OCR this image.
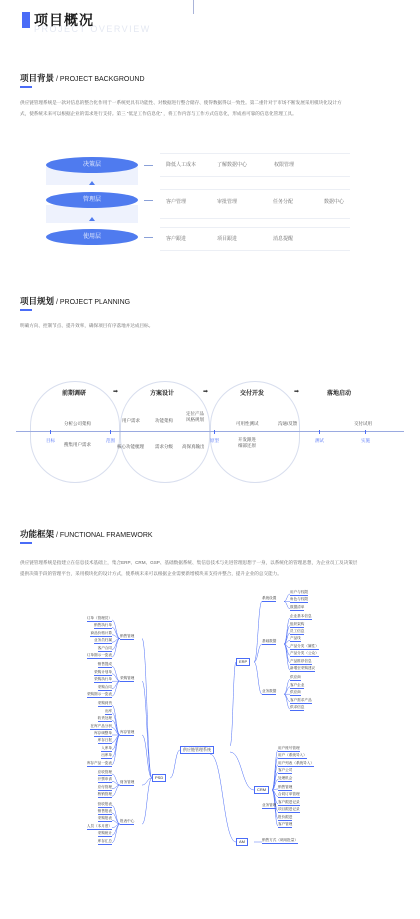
PROJECT OVERVIEW
项目概况
项目背景 / PROJECT BACKGROUND
供应链管理系统是一款对信息的整合化作用于一系统更具有功能性、对数据进行整合储存、使得数据得以一致性。第二重针对于市场不断发展采用模块化设计方式，使系统未来可以根据企业的需求进行支持。第三 “低足工作信息化” ，将工作内容与工作方式信息化，形成看可靠的信息化管理工具。
决策层
管理层
使用层
降低人工成本	了解数据中心	权限管理
客户管理	审批管理	任务分配	数据中心
客户跟进	项目跟进	消息提醒
项目规划 / PROJECT PLANNING
明确方向、控制节点、提升效率，确保项目有序落地并达成目标。
前期调研	➡	方案设计	➡	交付开发	➡	落地启动
目标	范围	原型	测试	实施
分析公司架构
用户需求	功能架构
定位产品
风格规划
可用性测试	沟通/反馈	交付试用
搜集用户需求	核心功能梳理 需求分级 高保真输出
开发跟进
细部还原
功能框架 / FUNCTIONAL FRAMEWORK
供应链管理系统是指建立在信息技术基础上，集合ERP、CRM、GSP、基础数据系统、集信息技术与先进管理思想于一身，以系统化的管理思想，为企业员工及决策层提供决策手段的管理平台，采用模块化的设计方式，使系统未来可以根据企业需要新增模块来支持并整合，提升企业的总交能力。
供应链管理系统
PSD
销售管理
订单（管理员）
销售执行单
商品价格计算
业务员归属
客户合同
订单图示一览表
采购管理
销售提成
采购计划单
采购执行单
采购合同
采购图示一览表
库存管理
采购到货
出库
收货处理
在库产品分析
库存调整单
库存日报
入库单
出库单
库存产品一览表
财务管理
应收管理
开票申请
应付管理
核销管理
报表中心
营收报表
销售报表
采购报表
人员（本月度）
采购统计
库存汇总
ERP
系统设置
用户与权限
角色与权限
数据清单
基础数据
企业基本信息
组织架构
员工信息
产品线
产品分类（属性）
产品分类（公众）
产品推荐信息
新增至采购建议
业务数据
供应商
客户企业
供应商
客户需求产品
供求信息
CRM
用户账号管理
用户（系统导入）
用户列表（系统导入）
客户公司
处理机会
业务管理
销售管理
合同订单管理
客户跟进记录
项目跟进记录
报价跟进
客户管理
AM	销售方式（调用批量）
